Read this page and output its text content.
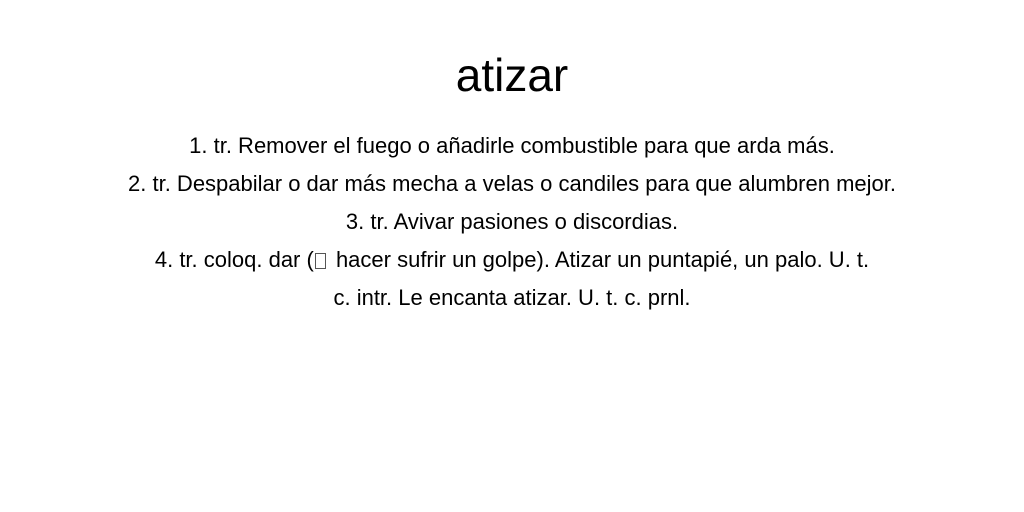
atizar
1. tr. Remover el fuego o añadirle combustible para que arda más.
2. tr. Despabilar o dar más mecha a velas o candiles para que alumbren mejor.
3. tr. Avivar pasiones o discordias.
4. tr. coloq. dar ( hacer sufrir un golpe). Atizar un puntapié, un palo. U. t.
c. intr. Le encanta atizar. U. t. c. prnl.
